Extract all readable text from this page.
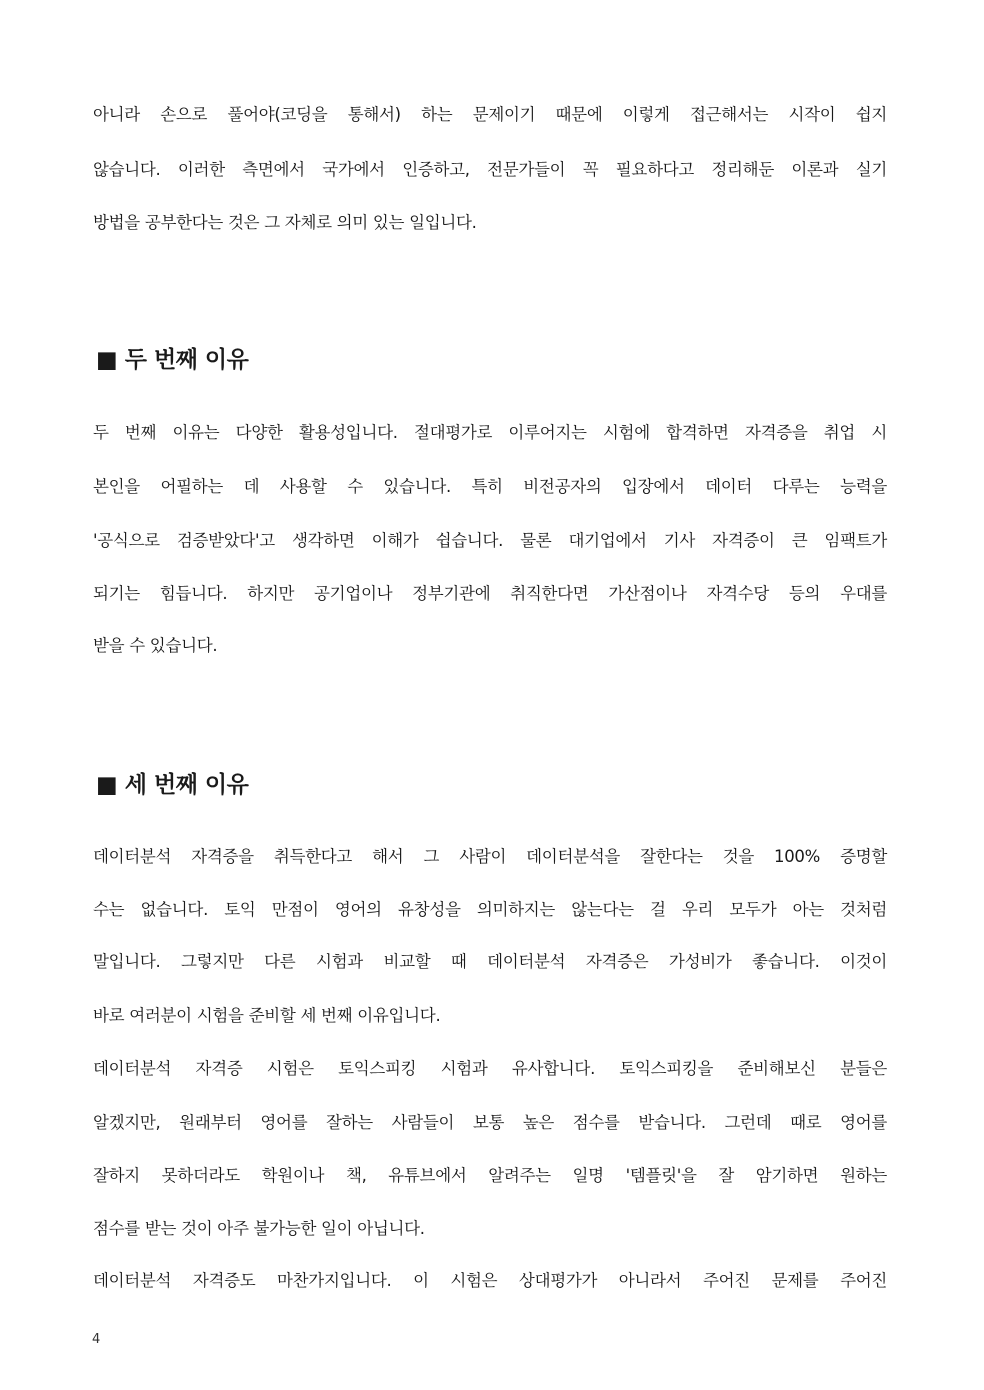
아니라 손으로 풀어야(코딩을 통해서) 하는 문제이기 때문에 이렇게 접근해서는 시작이 쉽지
않습니다. 이러한 측면에서 국가에서 인증하고, 전문가들이 꼭 필요하다고 정리해둔 이론과 실기
방법을 공부한다는 것은 그 자체로 의미 있는 일입니다.
■ 두 번째 이유
두 번째 이유는 다양한 활용성입니다. 절대평가로 이루어지는 시험에 합격하면 자격증을 취업 시
본인을 어필하는 데 사용할 수 있습니다. 특히 비전공자의 입장에서 데이터 다루는 능력을
'공식으로 검증받았다'고 생각하면 이해가 쉽습니다. 물론 대기업에서 기사 자격증이 큰 임팩트가
되기는 힘듭니다. 하지만 공기업이나 정부기관에 취직한다면 가산점이나 자격수당 등의 우대를
받을 수 있습니다.
■ 세 번째 이유
데이터분석 자격증을 취득한다고 해서 그 사람이 데이터분석을 잘한다는 것을 100% 증명할
수는 없습니다. 토익 만점이 영어의 유창성을 의미하지는 않는다는 걸 우리 모두가 아는 것처럼
말입니다. 그렇지만 다른 시험과 비교할 때 데이터분석 자격증은 가성비가 좋습니다. 이것이
바로 여러분이 시험을 준비할 세 번째 이유입니다.
데이터분석 자격증 시험은 토익스피킹 시험과 유사합니다. 토익스피킹을 준비해보신 분들은
알겠지만, 원래부터 영어를 잘하는 사람들이 보통 높은 점수를 받습니다. 그런데 때로 영어를
잘하지 못하더라도 학원이나 책, 유튜브에서 알려주는 일명 '템플릿'을 잘 암기하면 원하는
점수를 받는 것이 아주 불가능한 일이 아닙니다.
데이터분석 자격증도 마찬가지입니다. 이 시험은 상대평가가 아니라서 주어진 문제를 주어진
4
